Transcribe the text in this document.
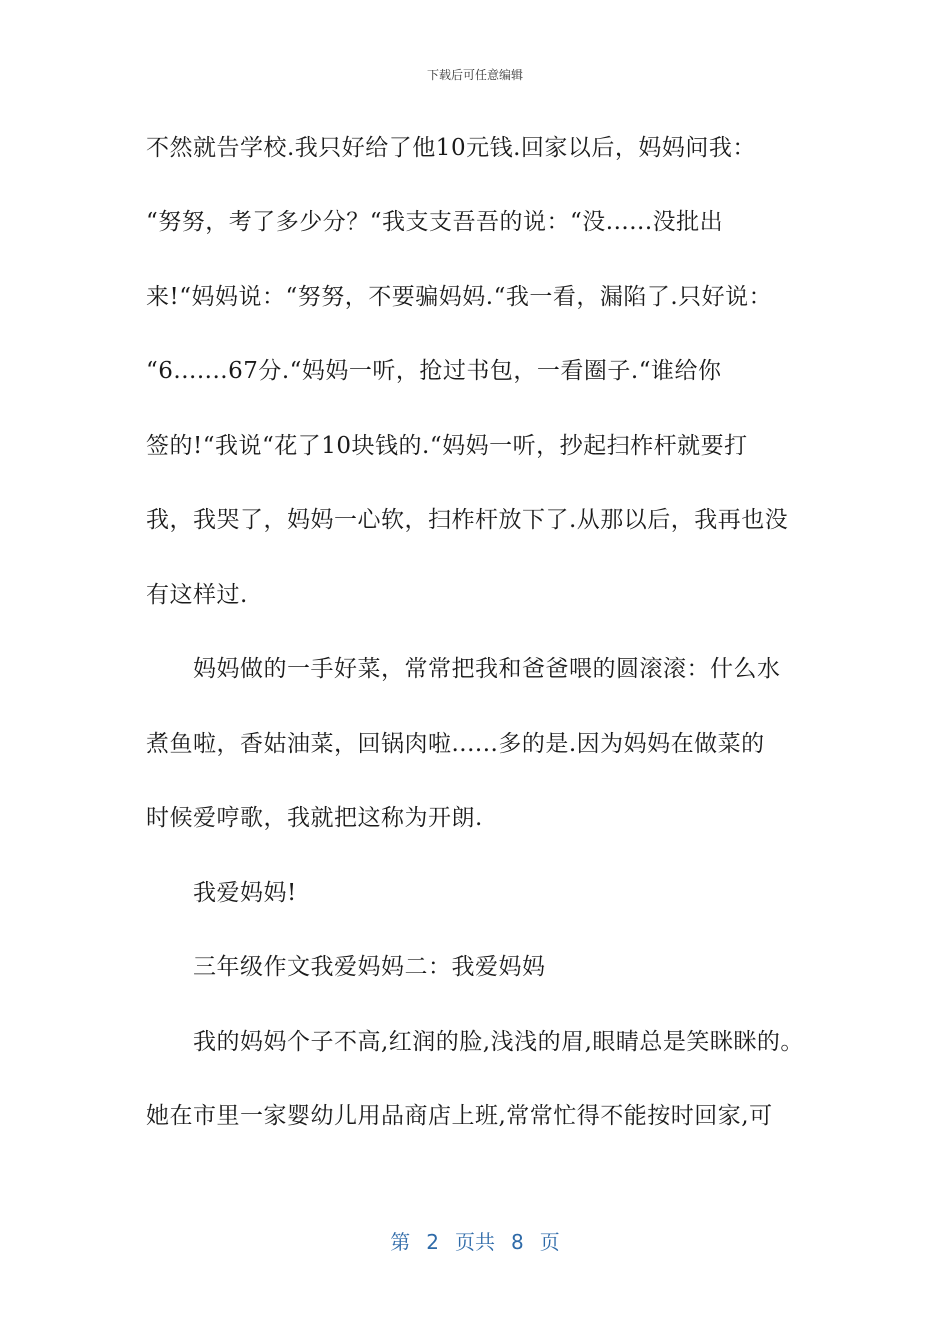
下载后可任意编辑
不然就告学校.我只好给了他10元钱.回家以后，妈妈问我：
“努努，考了多少分？“我支支吾吾的说：“没......没批出
来!“妈妈说：“努努，不要骗妈妈.“我一看，漏陷了.只好说：
“6.......67分.“妈妈一听，抢过书包，一看圈子.“谁给你
签的!“我说“花了10块钱的.“妈妈一听，抄起扫柞杆就要打
我，我哭了，妈妈一心软，扫柞杆放下了.从那以后，我再也没
有这样过.
妈妈做的一手好菜，常常把我和爸爸喂的圆滚滚：什么水
煮鱼啦，香姑油菜，回锅肉啦......多的是.因为妈妈在做菜的
时候爱哼歌，我就把这称为开朗.
我爱妈妈!
三年级作文我爱妈妈二：我爱妈妈
我的妈妈个子不高,红润的脸,浅浅的眉,眼睛总是笑眯眯的。
她在市里一家婴幼儿用品商店上班,常常忙得不能按时回家,可
第 2 页共 8 页
